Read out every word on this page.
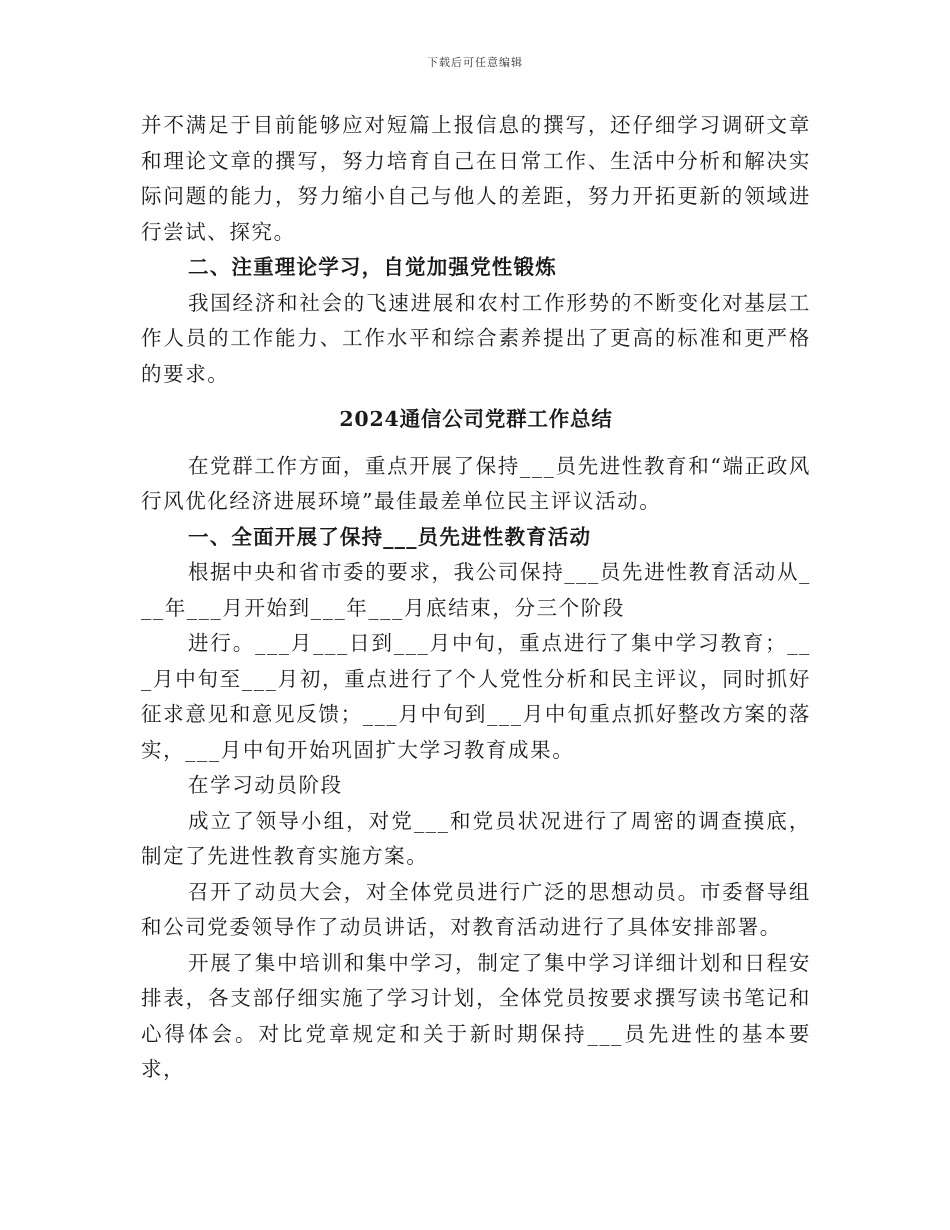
下载后可任意编辑

并不满足于目前能够应对短篇上报信息的撰写，还仔细学习调研文章和理论文章的撰写，努力培育自己在日常工作、生活中分析和解决实际问题的能力，努力缩小自己与他人的差距，努力开拓更新的领域进行尝试、探究。

二、注重理论学习，自觉加强党性锻炼

我国经济和社会的飞速进展和农村工作形势的不断变化对基层工作人员的工作能力、工作水平和综合素养提出了更高的标准和更严格的要求。

2024通信公司党群工作总结

在党群工作方面，重点开展了保持___员先进性教育和“端正政风行风优化经济进展环境”最佳最差单位民主评议活动。

一、全面开展了保持___员先进性教育活动

根据中央和省市委的要求，我公司保持___员先进性教育活动从___年___月开始到___年___月底结束，分三个阶段

进行。___月___日到___月中旬，重点进行了集中学习教育；___月中旬至___月初，重点进行了个人党性分析和民主评议，同时抓好征求意见和意见反馈；___月中旬到___月中旬重点抓好整改方案的落实，___月中旬开始巩固扩大学习教育成果。

在学习动员阶段

成立了领导小组，对党___和党员状况进行了周密的调查摸底，制定了先进性教育实施方案。

召开了动员大会，对全体党员进行广泛的思想动员。市委督导组和公司党委领导作了动员讲话，对教育活动进行了具体安排部署。

开展了集中培训和集中学习，制定了集中学习详细计划和日程安排表，各支部仔细实施了学习计划，全体党员按要求撰写读书笔记和心得体会。对比党章规定和关于新时期保持___员先进性的基本要求，
